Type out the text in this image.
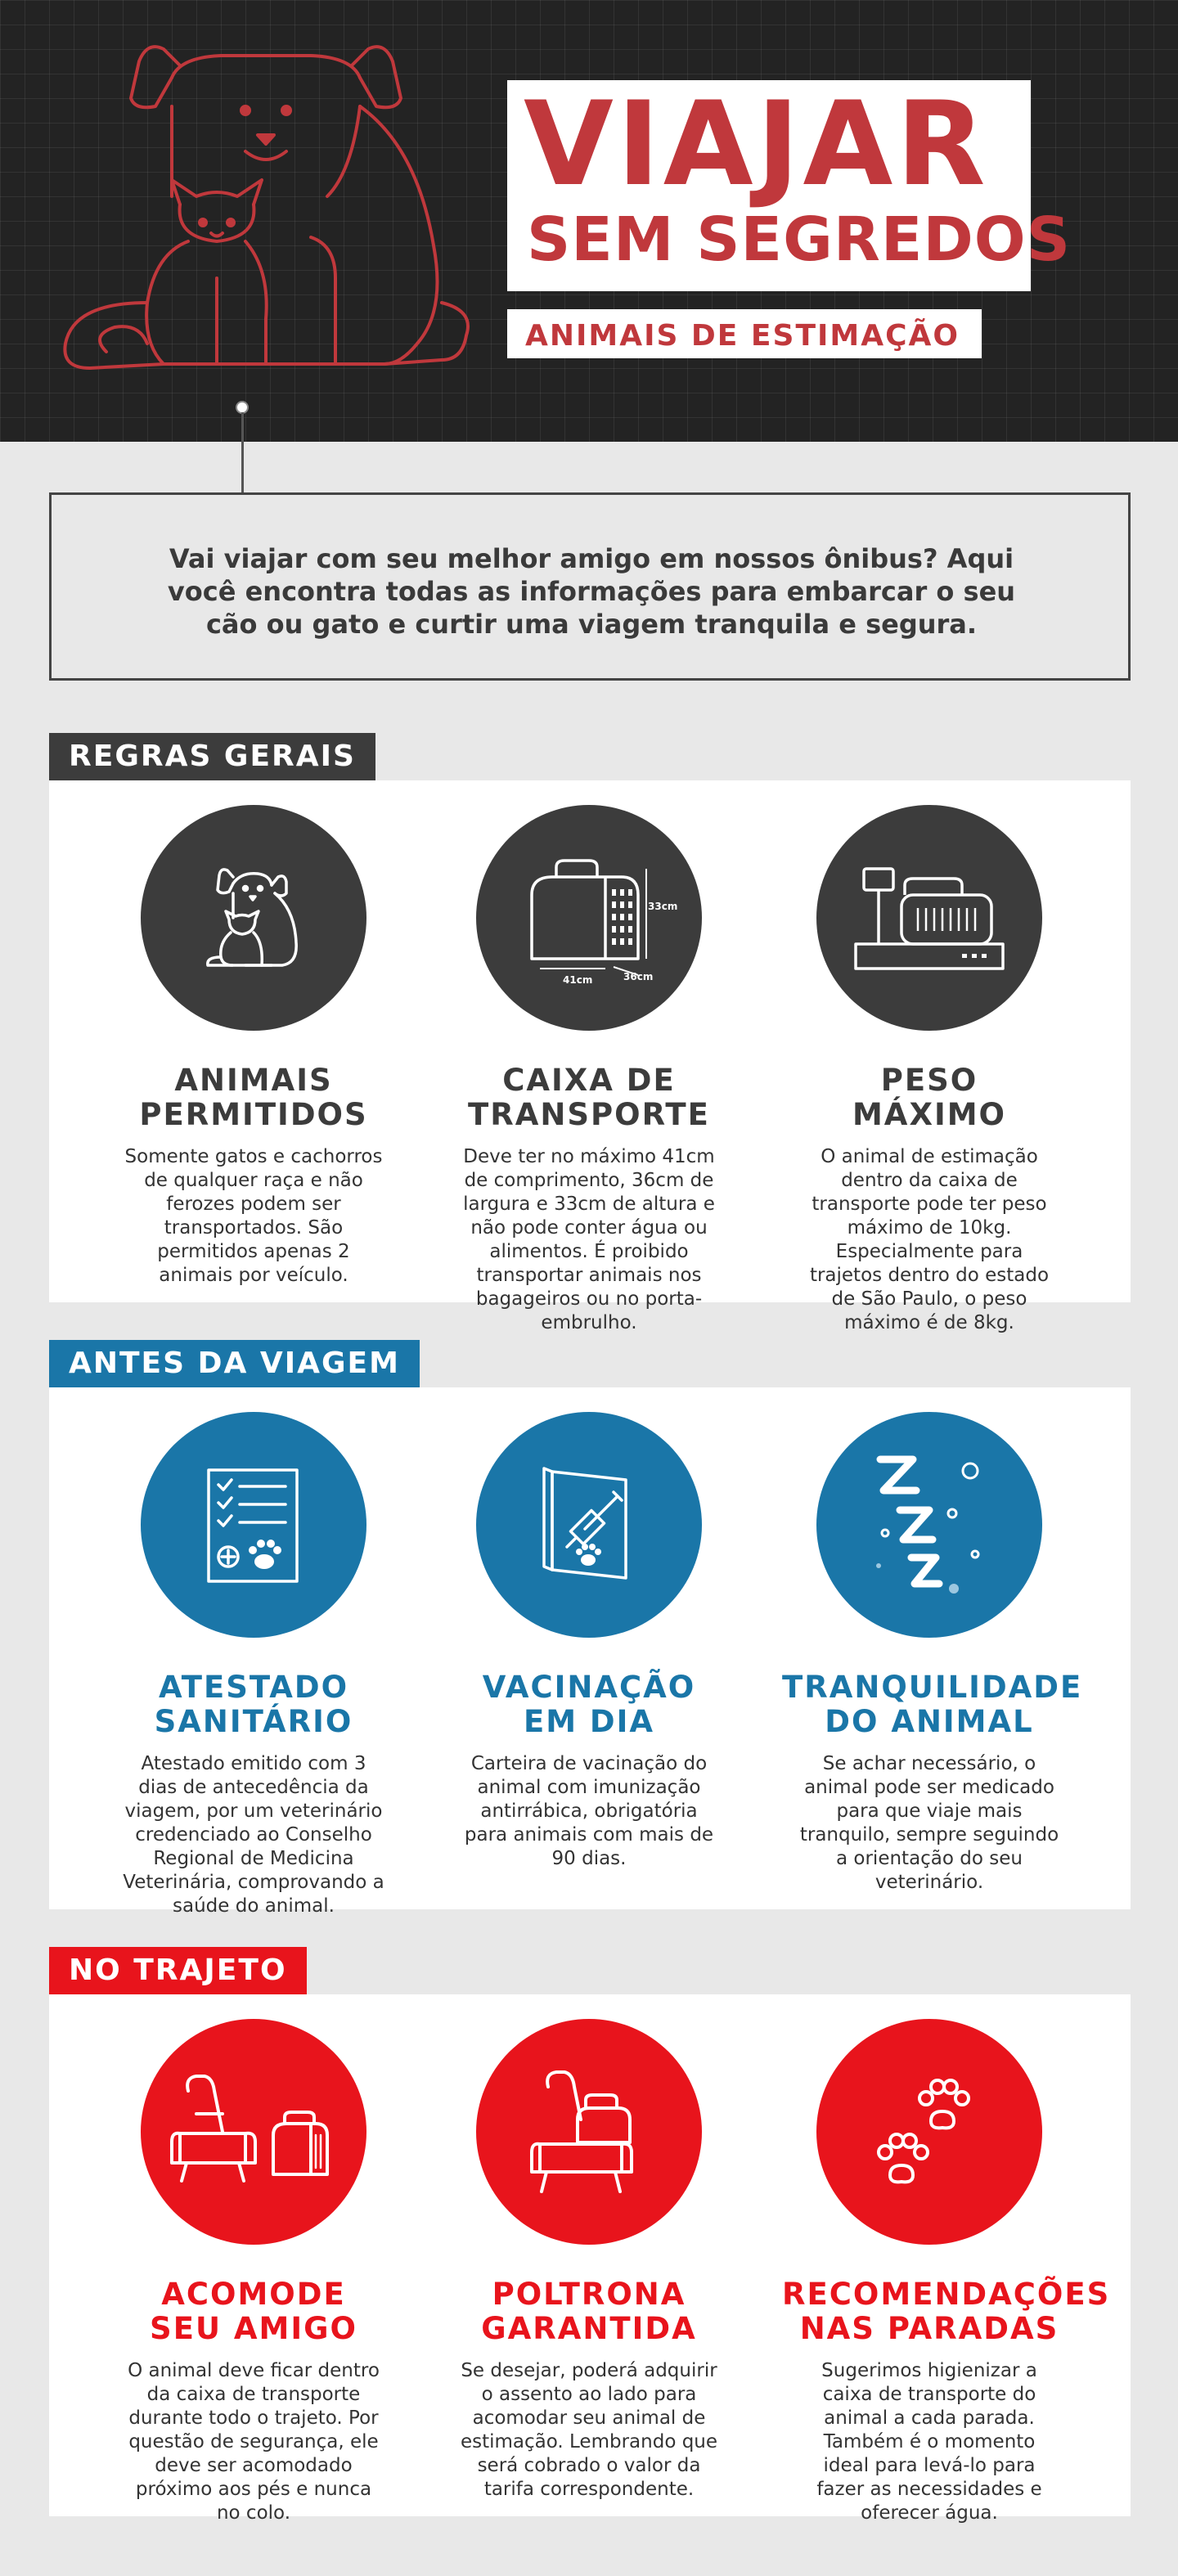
VIAJAR
SEM SEGREDOS
ANIMAIS DE ESTIMAÇÃO

Vai viajar com seu melhor amigo em nossos ônibus? Aqui você encontra todas as informações para embarcar o seu cão ou gato e curtir uma viagem tranquila e segura.

REGRAS GERAIS
ANIMAIS
PERMITIDOS

Somente gatos e cachorros de qualquer raça e não ferozes podem ser transportados. São permitidos apenas 2 animais por veículo.

33cm
41cm	36cm
CAIXA DE
TRANSPORTE

Deve ter no máximo 41cm de comprimento, 36cm de largura e 33cm de altura e não pode conter água ou alimentos. É proibido transportar animais nos bagageiros ou no porta-embrulho.

PESO
MÁXIMO

O animal de estimação dentro da caixa de transporte pode ter peso máximo de 10kg. Especialmente para trajetos dentro do estado de São Paulo, o peso máximo é de 8kg.

ANTES DA VIAGEM
ATESTADO
SANITÁRIO

Atestado emitido com 3 dias de antecedência da viagem, por um veterinário credenciado ao Conselho Regional de Medicina Veterinária, comprovando a saúde do animal.

VACINAÇÃO
EM DIA

Carteira de vacinação do animal com imunização antirrábica, obrigatória para animais com mais de 90 dias.

TRANQUILIDADE
DO ANIMAL

Se achar necessário, o animal pode ser medicado para que viaje mais tranquilo, sempre seguindo a orientação do seu veterinário.

NO TRAJETO
ACOMODE
SEU AMIGO

O animal deve ficar dentro da caixa de transporte durante todo o trajeto. Por questão de segurança, ele deve ser acomodado próximo aos pés e nunca no colo.

POLTRONA
GARANTIDA

Se desejar, poderá adquirir o assento ao lado para acomodar seu animal de estimação. Lembrando que será cobrado o valor da tarifa correspondente.

RECOMENDAÇÕES
NAS PARADAS

Sugerimos higienizar a caixa de transporte do animal a cada parada. Também é o momento ideal para levá-lo para fazer as necessidades e oferecer água.
